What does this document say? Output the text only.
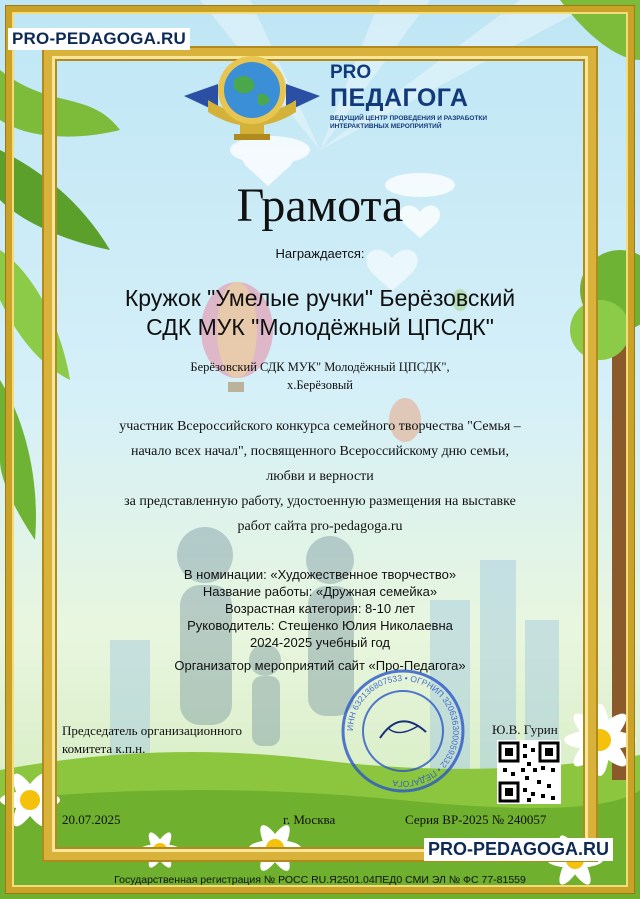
PRO-PEDAGOGA.RU
PRO
ПЕДАГОГА
ВЕДУЩИЙ ЦЕНТР ПРОВЕДЕНИЯ И РАЗРАБОТКИ ИНТЕРАКТИВНЫХ МЕРОПРИЯТИЙ
Грамота
Награждается:
Кружок "Умелые ручки" Берёзовский
СДК МУК "Молодёжный ЦПСДК"
Берёзовский СДК МУК" Молодёжный ЦПСДК",
х.Берёзовый
участник Всероссийского конкурса семейного творчества "Семья –
начало всех начал", посвященного Всероссийскому дню семьи,
любви и верности
за представленную работу, удостоенную размещения на выставке
работ сайта pro-pedagoga.ru
В номинации: «Художественное творчество»
Название работы: «Дружная семейка»
Возрастная категория: 8-10 лет
Руководитель: Стешенко Юлия Николаевна
2024-2025 учебный год
Организатор мероприятий сайт «Про-Педагога»
ИНН 632136807533 • ОГРНИП 320636300059332 • ПЕДАГОГА
Председатель организационного
комитета к.п.н.
Ю.В. Гурин
20.07.2025	г. Москва	Серия ВР-2025 № 240057
PRO-PEDAGOGA.RU
Государственная регистрация № РОСС RU.Я2501.04ПЕД0 СМИ ЭЛ № ФС 77-81559
